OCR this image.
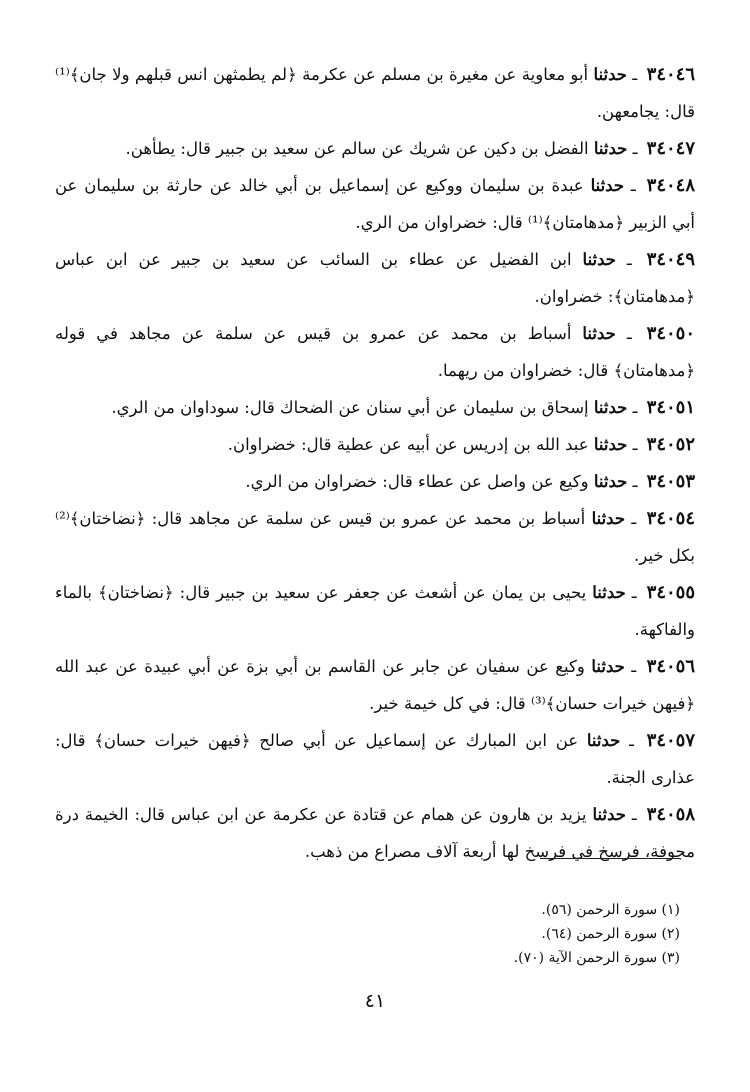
٣٤٠٤٦ ـ حدثنا أبو معاوية عن مغيرة بن مسلم عن عكرمة ﴿لم يطمثهن انس قبلهم ولا جان﴾⁽¹⁾ قال: يجامعهن.

٣٤٠٤٧ ـ حدثنا الفضل بن دكين عن شريك عن سالم عن سعيد بن جبير قال: يطأهن.

٣٤٠٤٨ ـ حدثنا عبدة بن سليمان ووكيع عن إسماعيل بن أبي خالد عن حارثة بن سليمان عن أبي الزبير ﴿مدهامتان﴾⁽¹⁾ قال: خضراوان من الري.

٣٤٠٤٩ ـ حدثنا ابن الفضيل عن عطاء بن السائب عن سعيد بن جبير عن ابن عباس ﴿مدهامتان﴾: خضراوان.

٣٤٠٥٠ ـ حدثنا أسباط بن محمد عن عمرو بن قيس عن سلمة عن مجاهد في قوله ﴿مدهامتان﴾ قال: خضراوان من ريهما.

٣٤٠٥١ ـ حدثنا إسحاق بن سليمان عن أبي سنان عن الضحاك قال: سوداوان من الري.

٣٤٠٥٢ ـ حدثنا عبد الله بن إدريس عن أبيه عن عطية قال: خضراوان.

٣٤٠٥٣ ـ حدثنا وكيع عن واصل عن عطاء قال: خضراوان من الري.

٣٤٠٥٤ ـ حدثنا أسباط بن محمد عن عمرو بن قيس عن سلمة عن مجاهد قال: ﴿نضاختان﴾⁽²⁾ بكل خير.

٣٤٠٥٥ ـ حدثنا يحيى بن يمان عن أشعث عن جعفر عن سعيد بن جبير قال: ﴿نضاختان﴾ بالماء والفاكهة.

٣٤٠٥٦ ـ حدثنا وكيع عن سفيان عن جابر عن القاسم بن أبي بزة عن أبي عبيدة عن عبد الله ﴿فيهن خيرات حسان﴾⁽³⁾ قال: في كل خيمة خير.

٣٤٠٥٧ ـ حدثنا عن ابن المبارك عن إسماعيل عن أبي صالح ﴿فيهن خيرات حسان﴾ قال: عذارى الجنة.

٣٤٠٥٨ ـ حدثنا يزيد بن هارون عن همام عن قتادة عن عكرمة عن ابن عباس قال: الخيمة درة مجوفة، فرسخ في فرسخ لها أربعة آلاف مصراع من ذهب.

(١) سورة الرحمن (٥٦).

(٢) سورة الرحمن (٦٤).

(٣) سورة الرحمن الآية (٧٠).

٤١
